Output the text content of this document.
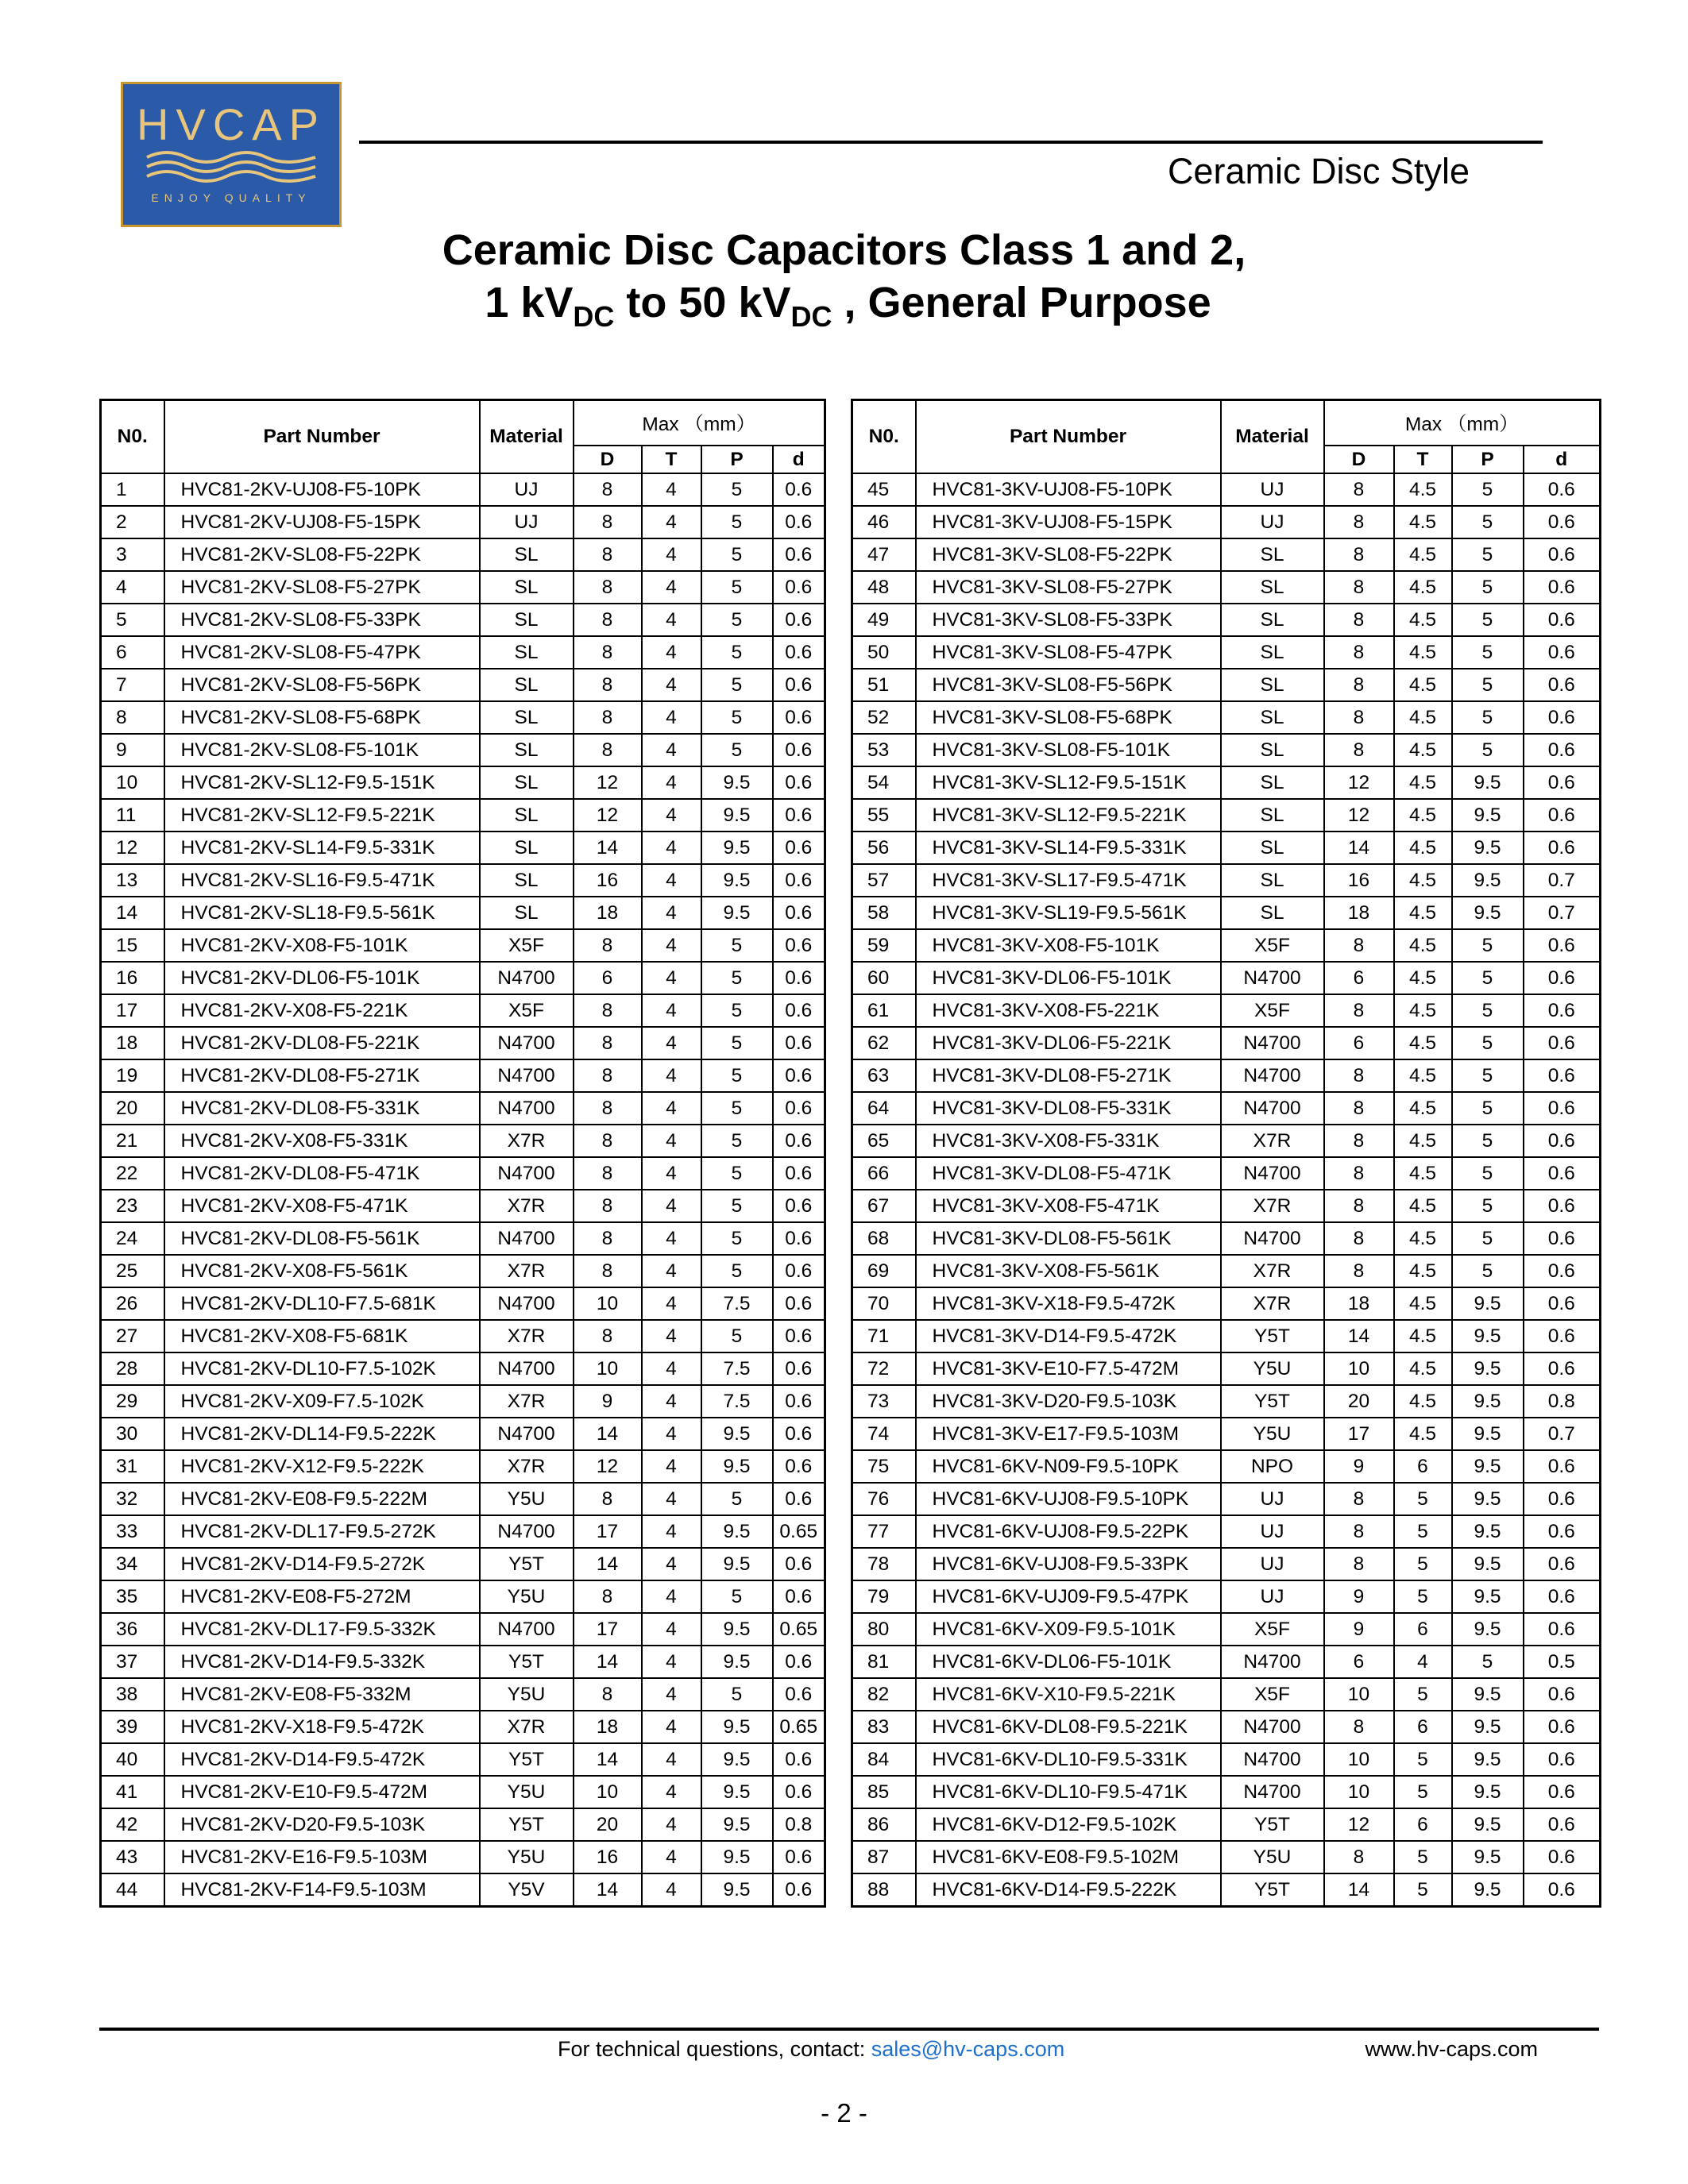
HVCAP
ENJOY QUALITY
Ceramic Disc Style
Ceramic Disc Capacitors Class 1 and 2,
1 $kV_{DC}$ to 50 $kV_{DC}$ , General Purpose
N0.	Part Number	Material	Max （mm）			
			D	T	P	d
1	HVC81-2KV-UJ08-F5-10PK	UJ	8	4	5	0.6
2	HVC81-2KV-UJ08-F5-15PK	UJ	8	4	5	0.6
3	HVC81-2KV-SL08-F5-22PK	SL	8	4	5	0.6
4	HVC81-2KV-SL08-F5-27PK	SL	8	4	5	0.6
5	HVC81-2KV-SL08-F5-33PK	SL	8	4	5	0.6
6	HVC81-2KV-SL08-F5-47PK	SL	8	4	5	0.6
7	HVC81-2KV-SL08-F5-56PK	SL	8	4	5	0.6
8	HVC81-2KV-SL08-F5-68PK	SL	8	4	5	0.6
9	HVC81-2KV-SL08-F5-101K	SL	8	4	5	0.6
10	HVC81-2KV-SL12-F9.5-151K	SL	12	4	9.5	0.6
11	HVC81-2KV-SL12-F9.5-221K	SL	12	4	9.5	0.6
12	HVC81-2KV-SL14-F9.5-331K	SL	14	4	9.5	0.6
13	HVC81-2KV-SL16-F9.5-471K	SL	16	4	9.5	0.6
14	HVC81-2KV-SL18-F9.5-561K	SL	18	4	9.5	0.6
15	HVC81-2KV-X08-F5-101K	X5F	8	4	5	0.6
16	HVC81-2KV-DL06-F5-101K	N4700	6	4	5	0.6
17	HVC81-2KV-X08-F5-221K	X5F	8	4	5	0.6
18	HVC81-2KV-DL08-F5-221K	N4700	8	4	5	0.6
19	HVC81-2KV-DL08-F5-271K	N4700	8	4	5	0.6
20	HVC81-2KV-DL08-F5-331K	N4700	8	4	5	0.6
21	HVC81-2KV-X08-F5-331K	X7R	8	4	5	0.6
22	HVC81-2KV-DL08-F5-471K	N4700	8	4	5	0.6
23	HVC81-2KV-X08-F5-471K	X7R	8	4	5	0.6
24	HVC81-2KV-DL08-F5-561K	N4700	8	4	5	0.6
25	HVC81-2KV-X08-F5-561K	X7R	8	4	5	0.6
26	HVC81-2KV-DL10-F7.5-681K	N4700	10	4	7.5	0.6
27	HVC81-2KV-X08-F5-681K	X7R	8	4	5	0.6
28	HVC81-2KV-DL10-F7.5-102K	N4700	10	4	7.5	0.6
29	HVC81-2KV-X09-F7.5-102K	X7R	9	4	7.5	0.6
30	HVC81-2KV-DL14-F9.5-222K	N4700	14	4	9.5	0.6
31	HVC81-2KV-X12-F9.5-222K	X7R	12	4	9.5	0.6
32	HVC81-2KV-E08-F9.5-222M	Y5U	8	4	5	0.6
33	HVC81-2KV-DL17-F9.5-272K	N4700	17	4	9.5	0.65
34	HVC81-2KV-D14-F9.5-272K	Y5T	14	4	9.5	0.6
35	HVC81-2KV-E08-F5-272M	Y5U	8	4	5	0.6
36	HVC81-2KV-DL17-F9.5-332K	N4700	17	4	9.5	0.65
37	HVC81-2KV-D14-F9.5-332K	Y5T	14	4	9.5	0.6
38	HVC81-2KV-E08-F5-332M	Y5U	8	4	5	0.6
39	HVC81-2KV-X18-F9.5-472K	X7R	18	4	9.5	0.65
40	HVC81-2KV-D14-F9.5-472K	Y5T	14	4	9.5	0.6
41	HVC81-2KV-E10-F9.5-472M	Y5U	10	4	9.5	0.6
42	HVC81-2KV-D20-F9.5-103K	Y5T	20	4	9.5	0.8
43	HVC81-2KV-E16-F9.5-103M	Y5U	16	4	9.5	0.6
44	HVC81-2KV-F14-F9.5-103M	Y5V	14	4	9.5	0.6
N0.	Part Number	Material	Max （mm）			
			D	T	P	d
45	HVC81-3KV-UJ08-F5-10PK	UJ	8	4.5	5	0.6
46	HVC81-3KV-UJ08-F5-15PK	UJ	8	4.5	5	0.6
47	HVC81-3KV-SL08-F5-22PK	SL	8	4.5	5	0.6
48	HVC81-3KV-SL08-F5-27PK	SL	8	4.5	5	0.6
49	HVC81-3KV-SL08-F5-33PK	SL	8	4.5	5	0.6
50	HVC81-3KV-SL08-F5-47PK	SL	8	4.5	5	0.6
51	HVC81-3KV-SL08-F5-56PK	SL	8	4.5	5	0.6
52	HVC81-3KV-SL08-F5-68PK	SL	8	4.5	5	0.6
53	HVC81-3KV-SL08-F5-101K	SL	8	4.5	5	0.6
54	HVC81-3KV-SL12-F9.5-151K	SL	12	4.5	9.5	0.6
55	HVC81-3KV-SL12-F9.5-221K	SL	12	4.5	9.5	0.6
56	HVC81-3KV-SL14-F9.5-331K	SL	14	4.5	9.5	0.6
57	HVC81-3KV-SL17-F9.5-471K	SL	16	4.5	9.5	0.7
58	HVC81-3KV-SL19-F9.5-561K	SL	18	4.5	9.5	0.7
59	HVC81-3KV-X08-F5-101K	X5F	8	4.5	5	0.6
60	HVC81-3KV-DL06-F5-101K	N4700	6	4.5	5	0.6
61	HVC81-3KV-X08-F5-221K	X5F	8	4.5	5	0.6
62	HVC81-3KV-DL06-F5-221K	N4700	6	4.5	5	0.6
63	HVC81-3KV-DL08-F5-271K	N4700	8	4.5	5	0.6
64	HVC81-3KV-DL08-F5-331K	N4700	8	4.5	5	0.6
65	HVC81-3KV-X08-F5-331K	X7R	8	4.5	5	0.6
66	HVC81-3KV-DL08-F5-471K	N4700	8	4.5	5	0.6
67	HVC81-3KV-X08-F5-471K	X7R	8	4.5	5	0.6
68	HVC81-3KV-DL08-F5-561K	N4700	8	4.5	5	0.6
69	HVC81-3KV-X08-F5-561K	X7R	8	4.5	5	0.6
70	HVC81-3KV-X18-F9.5-472K	X7R	18	4.5	9.5	0.6
71	HVC81-3KV-D14-F9.5-472K	Y5T	14	4.5	9.5	0.6
72	HVC81-3KV-E10-F7.5-472M	Y5U	10	4.5	9.5	0.6
73	HVC81-3KV-D20-F9.5-103K	Y5T	20	4.5	9.5	0.8
74	HVC81-3KV-E17-F9.5-103M	Y5U	17	4.5	9.5	0.7
75	HVC81-6KV-N09-F9.5-10PK	NPO	9	6	9.5	0.6
76	HVC81-6KV-UJ08-F9.5-10PK	UJ	8	5	9.5	0.6
77	HVC81-6KV-UJ08-F9.5-22PK	UJ	8	5	9.5	0.6
78	HVC81-6KV-UJ08-F9.5-33PK	UJ	8	5	9.5	0.6
79	HVC81-6KV-UJ09-F9.5-47PK	UJ	9	5	9.5	0.6
80	HVC81-6KV-X09-F9.5-101K	X5F	9	6	9.5	0.6
81	HVC81-6KV-DL06-F5-101K	N4700	6	4	5	0.5
82	HVC81-6KV-X10-F9.5-221K	X5F	10	5	9.5	0.6
83	HVC81-6KV-DL08-F9.5-221K	N4700	8	6	9.5	0.6
84	HVC81-6KV-DL10-F9.5-331K	N4700	10	5	9.5	0.6
85	HVC81-6KV-DL10-F9.5-471K	N4700	10	5	9.5	0.6
86	HVC81-6KV-D12-F9.5-102K	Y5T	12	6	9.5	0.6
87	HVC81-6KV-E08-F9.5-102M	Y5U	8	5	9.5	0.6
88	HVC81-6KV-D14-F9.5-222K	Y5T	14	5	9.5	0.6
For technical questions, contact: sales@hv-caps.com	www.hv-caps.com
- 2 -
